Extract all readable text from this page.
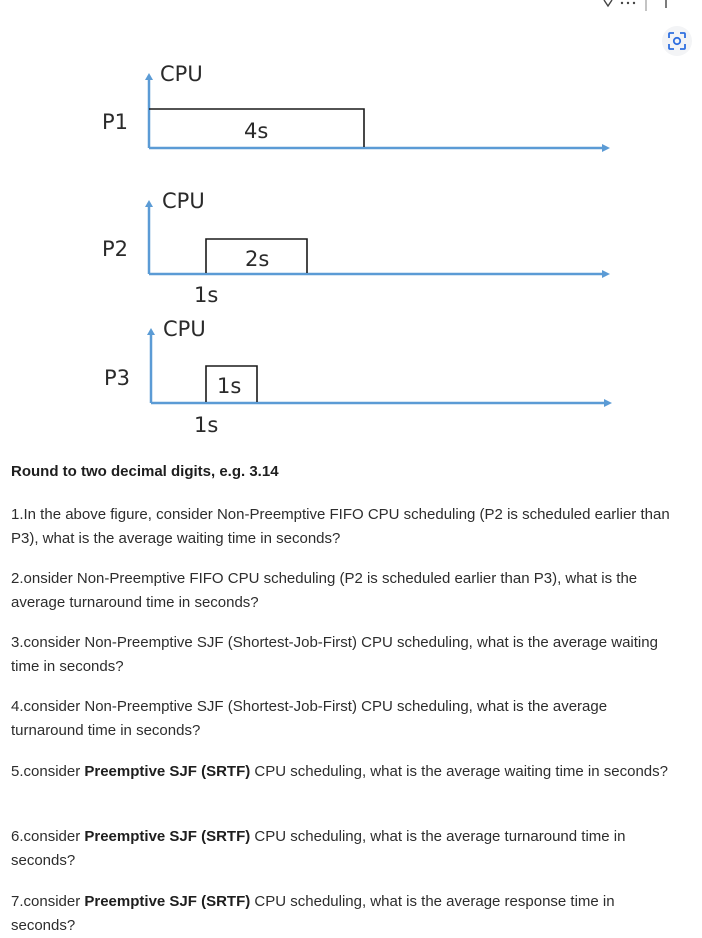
P1
CPU
4s
P2
CPU
2s
1s
P3
CPU
1s
1s
Round to two decimal digits, e.g. 3.14
1.In the above figure, consider Non-Preemptive FIFO CPU scheduling (P2 is scheduled earlier than P3), what is the average waiting time in seconds?
2.onsider Non-Preemptive FIFO CPU scheduling (P2 is scheduled earlier than P3), what is the average turnaround time in seconds?
3.consider Non-Preemptive SJF (Shortest-Job-First) CPU scheduling, what is the average waiting time in seconds?
4.consider Non-Preemptive SJF (Shortest-Job-First) CPU scheduling, what is the average turnaround time in seconds?
5.consider Preemptive SJF (SRTF) CPU scheduling, what is the average waiting time in seconds?
6.consider Preemptive SJF (SRTF) CPU scheduling, what is the average turnaround time in seconds?
7.consider Preemptive SJF (SRTF) CPU scheduling, what is the average response time in seconds?
